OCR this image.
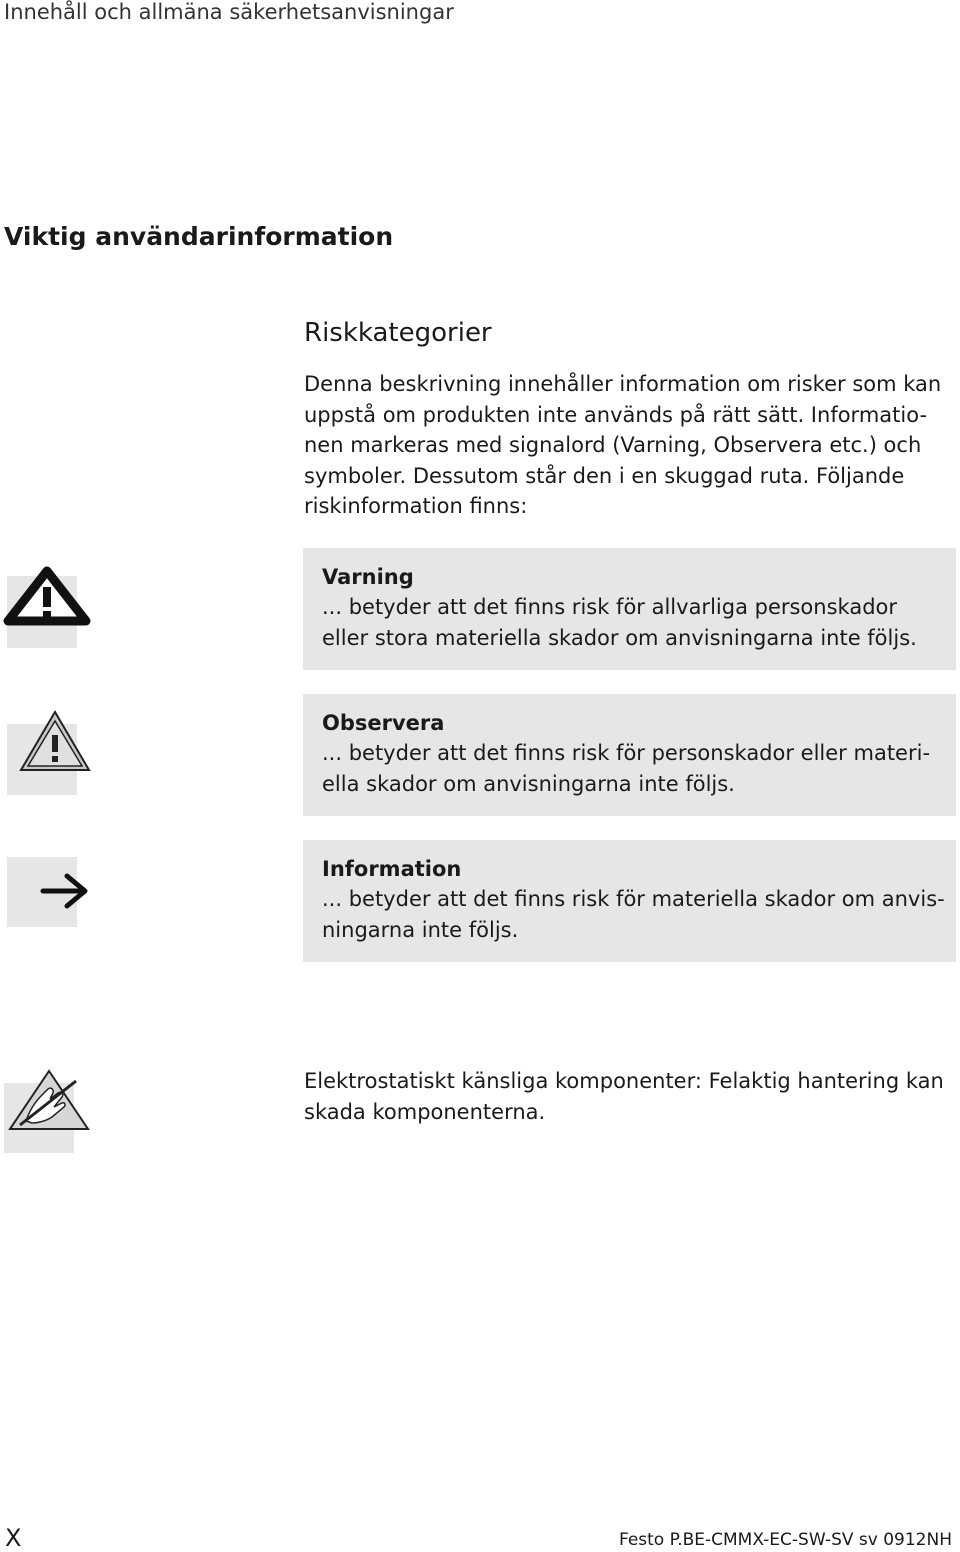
Innehåll och allmäna säkerhetsanvisningar
Viktig användarinformation
Riskkategorier
Denna beskrivning innehåller information om risker som kan
uppstå om produkten inte används på rätt sätt. Informatio-
nen markeras med signalord (Varning, Observera etc.) och
symboler. Dessutom står den i en skuggad ruta. Följande
riskinformation finns:
Varning
... betyder att det finns risk för allvarliga personskador
eller stora materiella skador om anvisningarna inte följs.
Observera
... betyder att det finns risk för personskador eller materi-
ella skador om anvisningarna inte följs.
Information
... betyder att det finns risk för materiella skador om anvis-
ningarna inte följs.
Elektrostatiskt känsliga komponenter: Felaktig hantering kan
skada komponenterna.
X	Festo P.BE-CMMX-EC-SW-SV sv 0912NH
